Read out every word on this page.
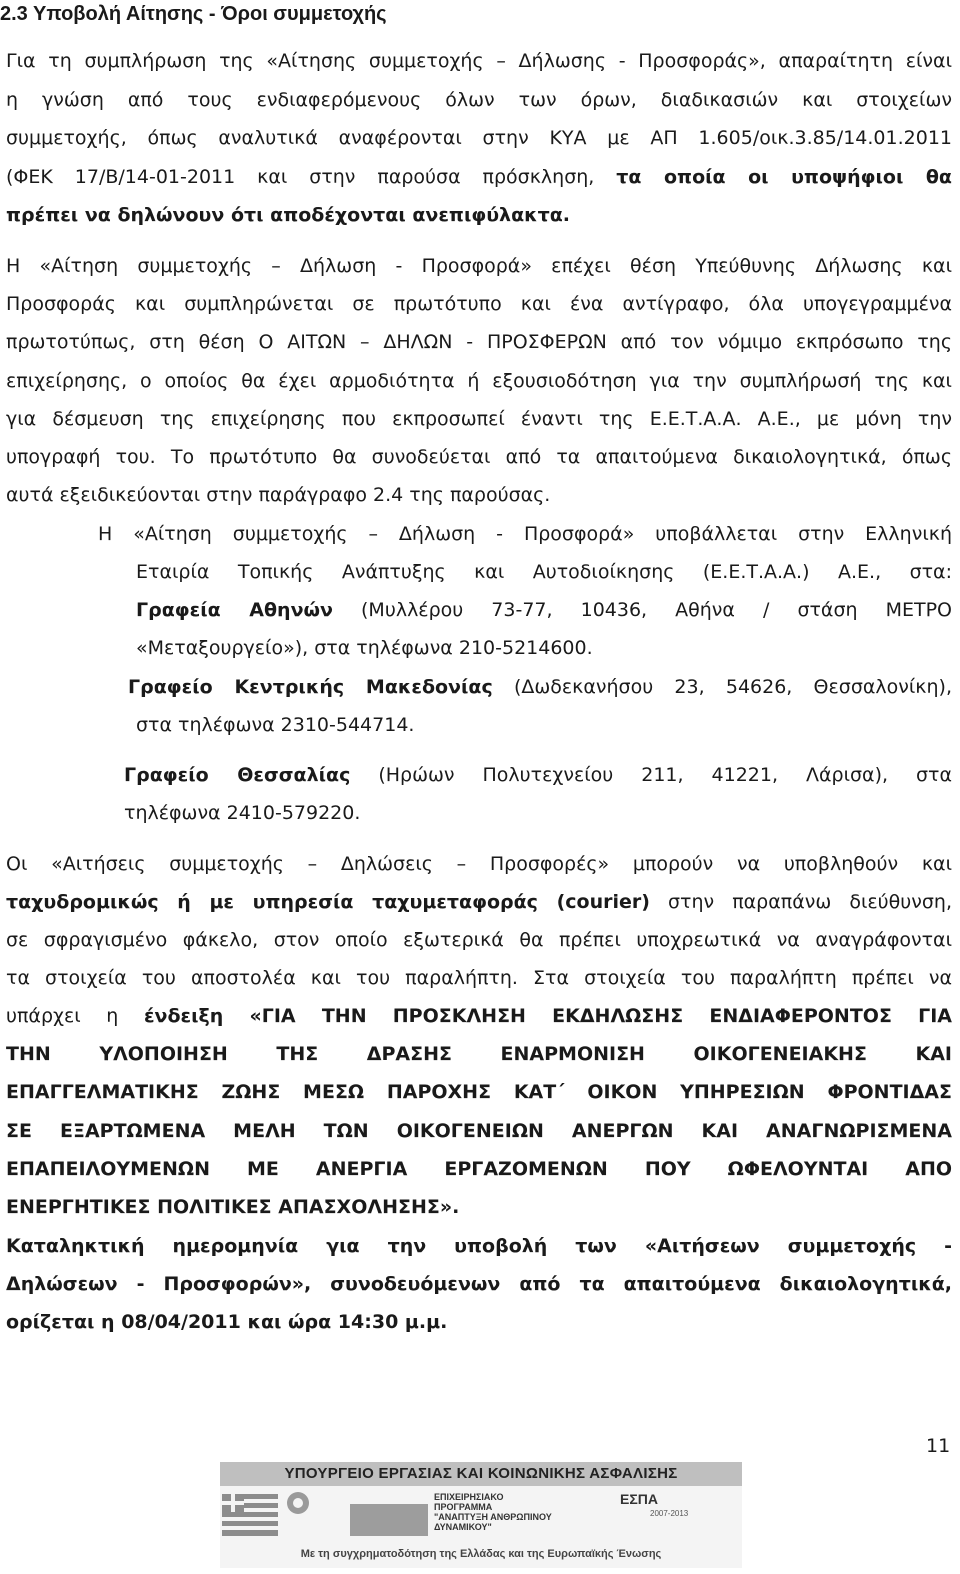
2.3 Υποβολή Αίτησης - Όροι συμμετοχής
Για τη συμπλήρωση της «Αίτησης συμμετοχής – Δήλωσης - Προσφοράς», απαραίτητη είναι
η γνώση από τους ενδιαφερόμενους όλων των όρων, διαδικασιών και στοιχείων
συμμετοχής, όπως αναλυτικά αναφέρονται στην ΚΥΑ με ΑΠ 1.605/οικ.3.85/14.01.2011
(ΦΕΚ 17/Β/14-01-2011 και στην παρούσα πρόσκληση, τα οποία οι υποψήφιοι θα
πρέπει να δηλώνουν ότι αποδέχονται ανεπιφύλακτα.
Η «Αίτηση συμμετοχής – Δήλωση - Προσφορά» επέχει θέση Υπεύθυνης Δήλωσης και
Προσφοράς και συμπληρώνεται σε πρωτότυπο και ένα αντίγραφο, όλα υπογεγραμμένα
πρωτοτύπως, στη θέση Ο ΑΙΤΩΝ – ΔΗΛΩΝ - ΠΡΟΣΦΕΡΩΝ από τον νόμιμο εκπρόσωπο της
επιχείρησης, ο οποίος θα έχει αρμοδιότητα ή εξουσιοδότηση για την συμπλήρωσή της και
για δέσμευση της επιχείρησης που εκπροσωπεί έναντι της Ε.Ε.Τ.Α.Α. Α.Ε., με μόνη την
υπογραφή του. Το πρωτότυπο θα συνοδεύεται από τα απαιτούμενα δικαιολογητικά, όπως
αυτά εξειδικεύονται στην παράγραφο 2.4 της παρούσας.
Η «Αίτηση συμμετοχής – Δήλωση - Προσφορά» υποβάλλεται στην Ελληνική
Εταιρία Τοπικής Ανάπτυξης και Αυτοδιοίκησης (Ε.Ε.Τ.Α.Α.) Α.Ε., στα:
Γραφεία Αθηνών (Μυλλέρου 73-77, 10436, Αθήνα / στάση ΜΕΤΡΟ
«Μεταξουργείο»), στα τηλέφωνα 210-5214600.
Γραφείο Κεντρικής Μακεδονίας (Δωδεκανήσου 23, 54626, Θεσσαλονίκη),
στα τηλέφωνα 2310-544714.
Γραφείο Θεσσαλίας (Ηρώων Πολυτεχνείου 211, 41221, Λάρισα), στα
τηλέφωνα 2410-579220.
Οι «Αιτήσεις συμμετοχής – Δηλώσεις – Προσφορές» μπορούν να υποβληθούν και
ταχυδρομικώς ή με υπηρεσία ταχυμεταφοράς (courier) στην παραπάνω διεύθυνση,
σε σφραγισμένο φάκελο, στον οποίο εξωτερικά θα πρέπει υποχρεωτικά να αναγράφονται
τα στοιχεία του αποστολέα και του παραλήπτη. Στα στοιχεία του παραλήπτη πρέπει να
υπάρχει η ένδειξη «ΓΙΑ ΤΗΝ ΠΡΟΣΚΛΗΣΗ ΕΚΔΗΛΩΣΗΣ ΕΝΔΙΑΦΕΡΟΝΤΟΣ ΓΙΑ
ΤΗΝ ΥΛΟΠΟΙΗΣΗ ΤΗΣ ΔΡΑΣΗΣ ΕΝΑΡΜΟΝΙΣΗ ΟΙΚΟΓΕΝΕΙΑΚΗΣ ΚΑΙ
ΕΠΑΓΓΕΛΜΑΤΙΚΗΣ ΖΩΗΣ ΜΕΣΩ ΠΑΡΟΧΗΣ ΚΑΤ΄ ΟΙΚΟΝ ΥΠΗΡΕΣΙΩΝ ΦΡΟΝΤΙΔΑΣ
ΣΕ ΕΞΑΡΤΩΜΕΝΑ ΜΕΛΗ ΤΩΝ ΟΙΚΟΓΕΝΕΙΩΝ ΑΝΕΡΓΩΝ ΚΑΙ ΑΝΑΓΝΩΡΙΣΜΕΝΑ
ΕΠΑΠΕΙΛΟΥΜΕΝΩΝ ΜΕ ΑΝΕΡΓΙΑ ΕΡΓΑΖΟΜΕΝΩΝ ΠΟΥ ΩΦΕΛΟΥΝΤΑΙ ΑΠΟ
ΕΝΕΡΓΗΤΙΚΕΣ ΠΟΛΙΤΙΚΕΣ ΑΠΑΣΧΟΛΗΣΗΣ».
Καταληκτική ημερομηνία για την υποβολή των «Αιτήσεων συμμετοχής -
Δηλώσεων - Προσφορών», συνοδευόμενων από τα απαιτούμενα δικαιολογητικά,
ορίζεται η 08/04/2011 και ώρα 14:30 μ.μ.
11
ΥΠΟΥΡΓΕΙΟ ΕΡΓΑΣΙΑΣ ΚΑΙ ΚΟΙΝΩΝΙΚΗΣ ΑΣΦΑΛΙΣΗΣ
ΕΠΙΧΕΙΡΗΣΙΑΚΟ ΠΡΟΓΡΑΜΜΑ
"ΑΝΑΠΤΥΞΗ ΑΝΘΡΩΠΙΝΟΥ ΔΥΝΑΜΙΚΟΥ"
ΕΣΠΑ
2007-2013
Με τη συγχρηματοδότηση της Ελλάδας και της Ευρωπαϊκής Ένωσης
